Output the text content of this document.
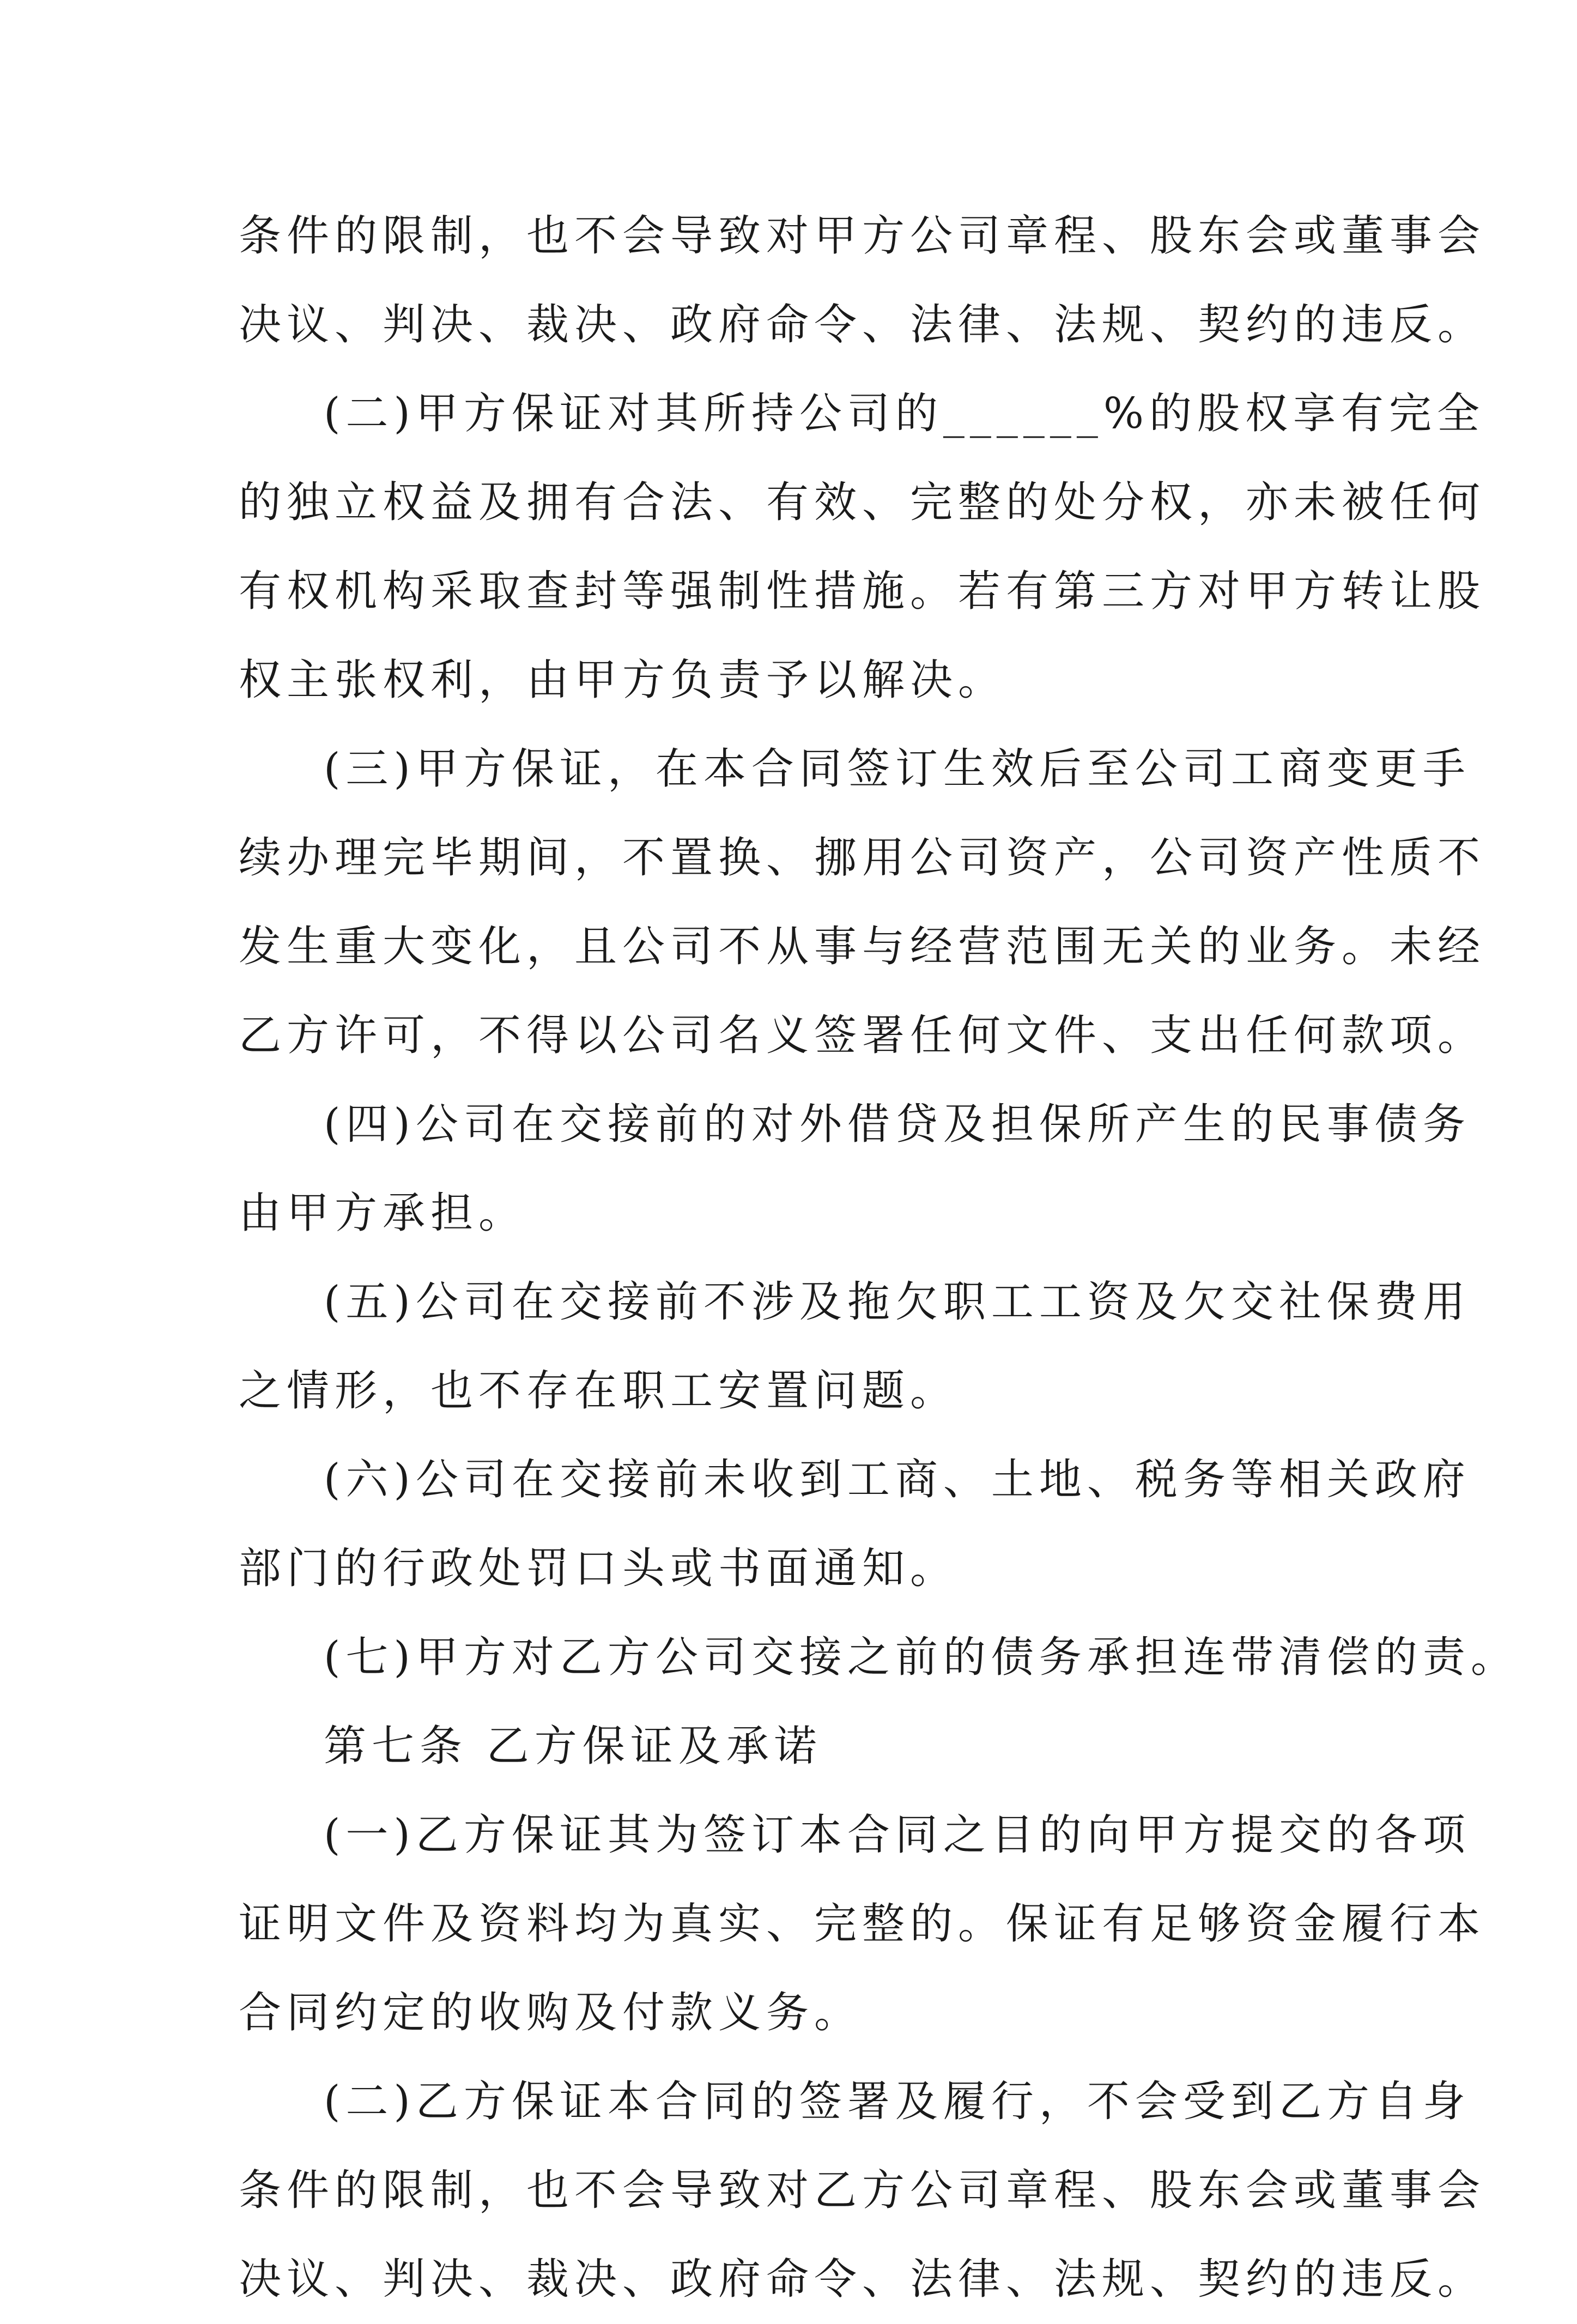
条件的限制，也不会导致对甲方公司章程、股东会或董事会
决议、判决、裁决、政府命令、法律、法规、契约的违反。
(二)甲方保证对其所持公司的______%的股权享有完全
的独立权益及拥有合法、有效、完整的处分权，亦未被任何
有权机构采取查封等强制性措施。若有第三方对甲方转让股
权主张权利，由甲方负责予以解决。
(三)甲方保证，在本合同签订生效后至公司工商变更手
续办理完毕期间，不置换、挪用公司资产，公司资产性质不
发生重大变化，且公司不从事与经营范围无关的业务。未经
乙方许可，不得以公司名义签署任何文件、支出任何款项。
(四)公司在交接前的对外借贷及担保所产生的民事债务
由甲方承担。
(五)公司在交接前不涉及拖欠职工工资及欠交社保费用
之情形，也不存在职工安置问题。
(六)公司在交接前未收到工商、土地、税务等相关政府
部门的行政处罚口头或书面通知。
(七)甲方对乙方公司交接之前的债务承担连带清偿的责。
第七条 乙方保证及承诺
(一)乙方保证其为签订本合同之目的向甲方提交的各项
证明文件及资料均为真实、完整的。保证有足够资金履行本
合同约定的收购及付款义务。
(二)乙方保证本合同的签署及履行，不会受到乙方自身
条件的限制，也不会导致对乙方公司章程、股东会或董事会
决议、判决、裁决、政府命令、法律、法规、契约的违反。
